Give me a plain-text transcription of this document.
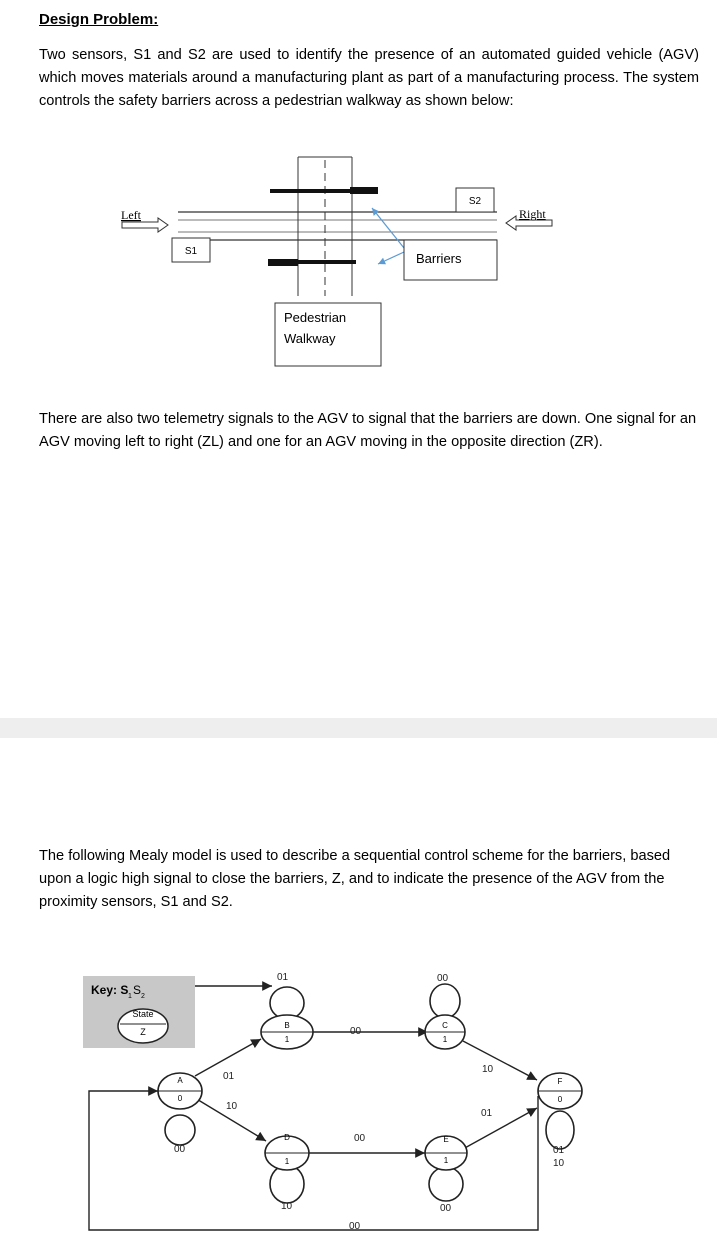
Design Problem:
Two sensors, S1 and S2 are used to identify the presence of an automated guided vehicle (AGV) which moves materials around a manufacturing plant as part of a manufacturing process. The system controls the safety barriers across a pedestrian walkway as shown below:
Left	Right
S1
S2
Barriers
Pedestrian
Walkway
There are also two telemetry signals to the AGV to signal that the barriers are down. One signal for an AGV moving left to right (ZL) and one for an AGV moving in the opposite direction (ZR).
The following Mealy model is used to describe a sequential control scheme for the barriers, based upon a logic high signal to close the barriers, Z, and to indicate the presence of the AGV from the proximity sensors, S1 and S2.
Key: S 1 S 2
State
Z
A
0
B
1
C
1
D
1
E
1
F
0
01	00
00
01
10
10
01
00
00	01
10
10	00
00
